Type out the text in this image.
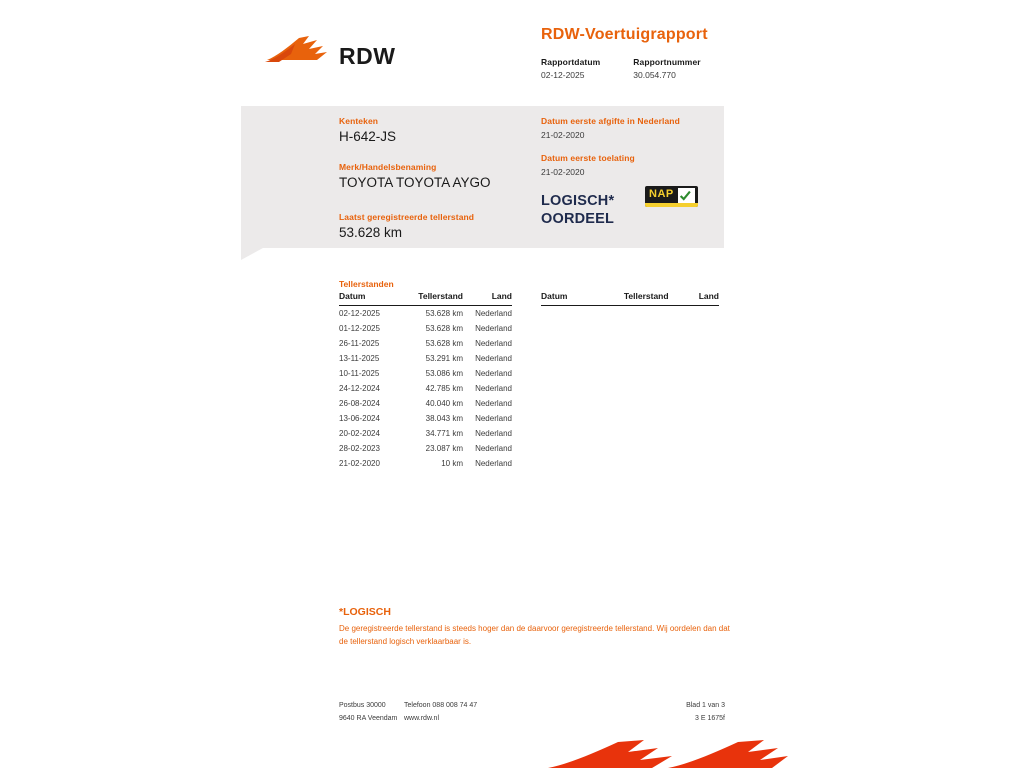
RDW
RDW-Voertuigrapport
Rapportdatum
02-12-2025
Rapportnummer
30.054.770
Kenteken
H-642-JS
Merk/Handelsbenaming
TOYOTA TOYOTA AYGO
Laatst geregistreerde tellerstand
53.628 km
Datum eerste afgifte in Nederland
21-02-2020
Datum eerste toelating
21-02-2020
LOGISCH*
OORDEEL
NAP
Tellerstanden
Datum	Tellerstand	Land
02-12-2025	53.628 km	Nederland
01-12-2025	53.628 km	Nederland
26-11-2025	53.628 km	Nederland
13-11-2025	53.291 km	Nederland
10-11-2025	53.086 km	Nederland
24-12-2024	42.785 km	Nederland
26-08-2024	40.040 km	Nederland
13-06-2024	38.043 km	Nederland
20-02-2024	34.771 km	Nederland
28-02-2023	23.087 km	Nederland
21-02-2020	10 km	Nederland
Datum	Tellerstand	Land
*LOGISCH
De geregistreerde tellerstand is steeds hoger dan de daarvoor geregistreerde tellerstand. Wij oordelen dan dat de tellerstand logisch verklaarbaar is.
Postbus 30000	Telefoon 088 008 74 47
9640 RA Veendam www.rdw.nl
Blad 1 van 3
3 E 1675f
